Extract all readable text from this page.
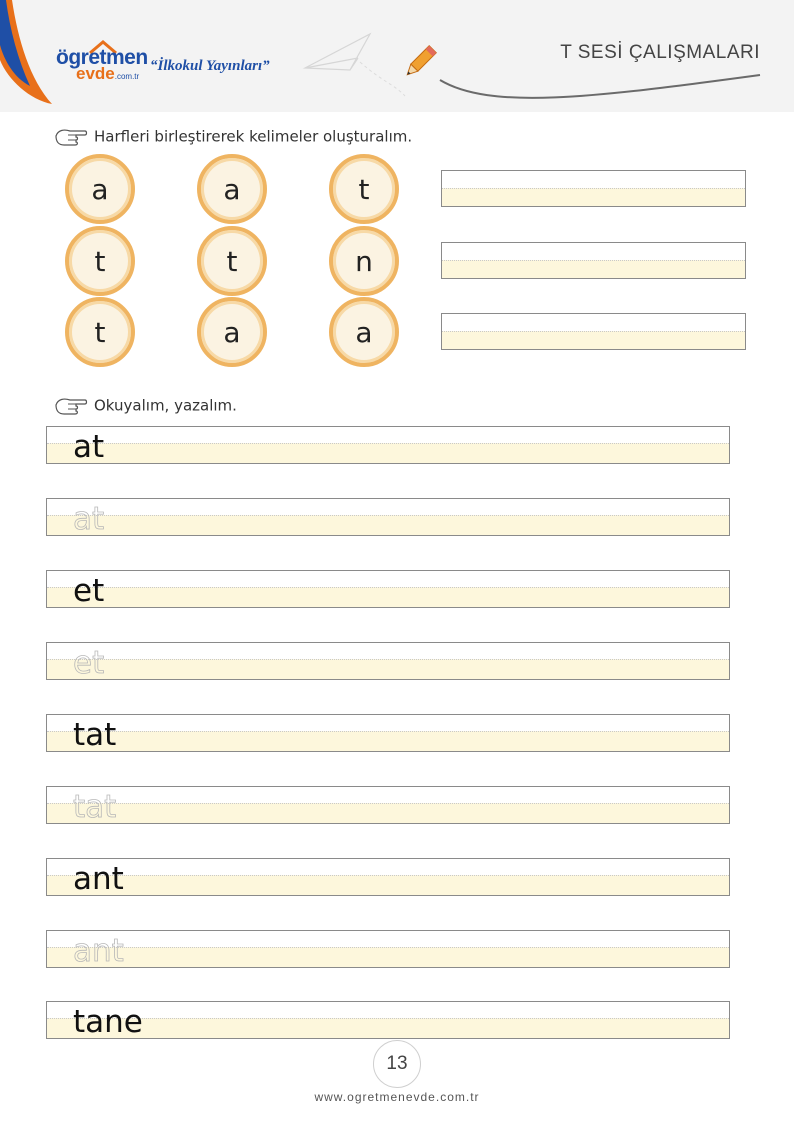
ögretmen
evde.com.tr
“İlkokul Yayınları”
T SESİ ÇALIŞMALARI
Harfleri birleştirerek kelimeler oluşturalım.
a	a	t
t	t	n
t	a	a
Okuyalım, yazalım.
at
at
et
et
tat
tat
ant
ant
tane
13
www.ogretmenevde.com.tr
